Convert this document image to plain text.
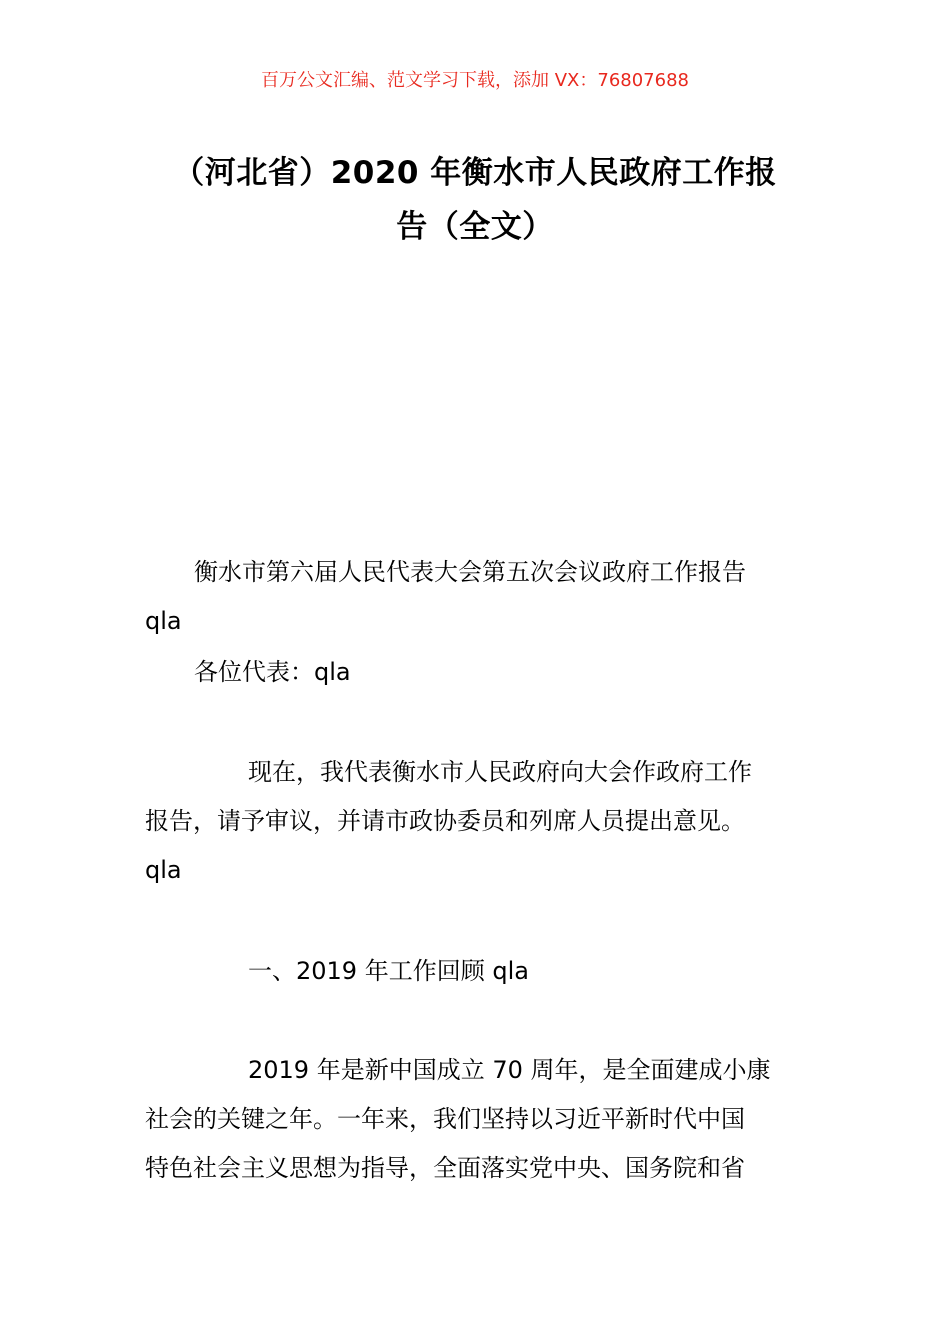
百万公文汇编、范文学习下载，添加 VX：76807688
（河北省）2020 年衡水市人民政府工作报
告（全文）
衡水市第六届人民代表大会第五次会议政府工作报告
qla
各位代表：qla
现在，我代表衡水市人民政府向大会作政府工作
报告，请予审议，并请市政协委员和列席人员提出意见。
qla
一、2019 年工作回顾 qla
2019 年是新中国成立 70 周年，是全面建成小康
社会的关键之年。一年来，我们坚持以习近平新时代中国
特色社会主义思想为指导，全面落实党中央、国务院和省
